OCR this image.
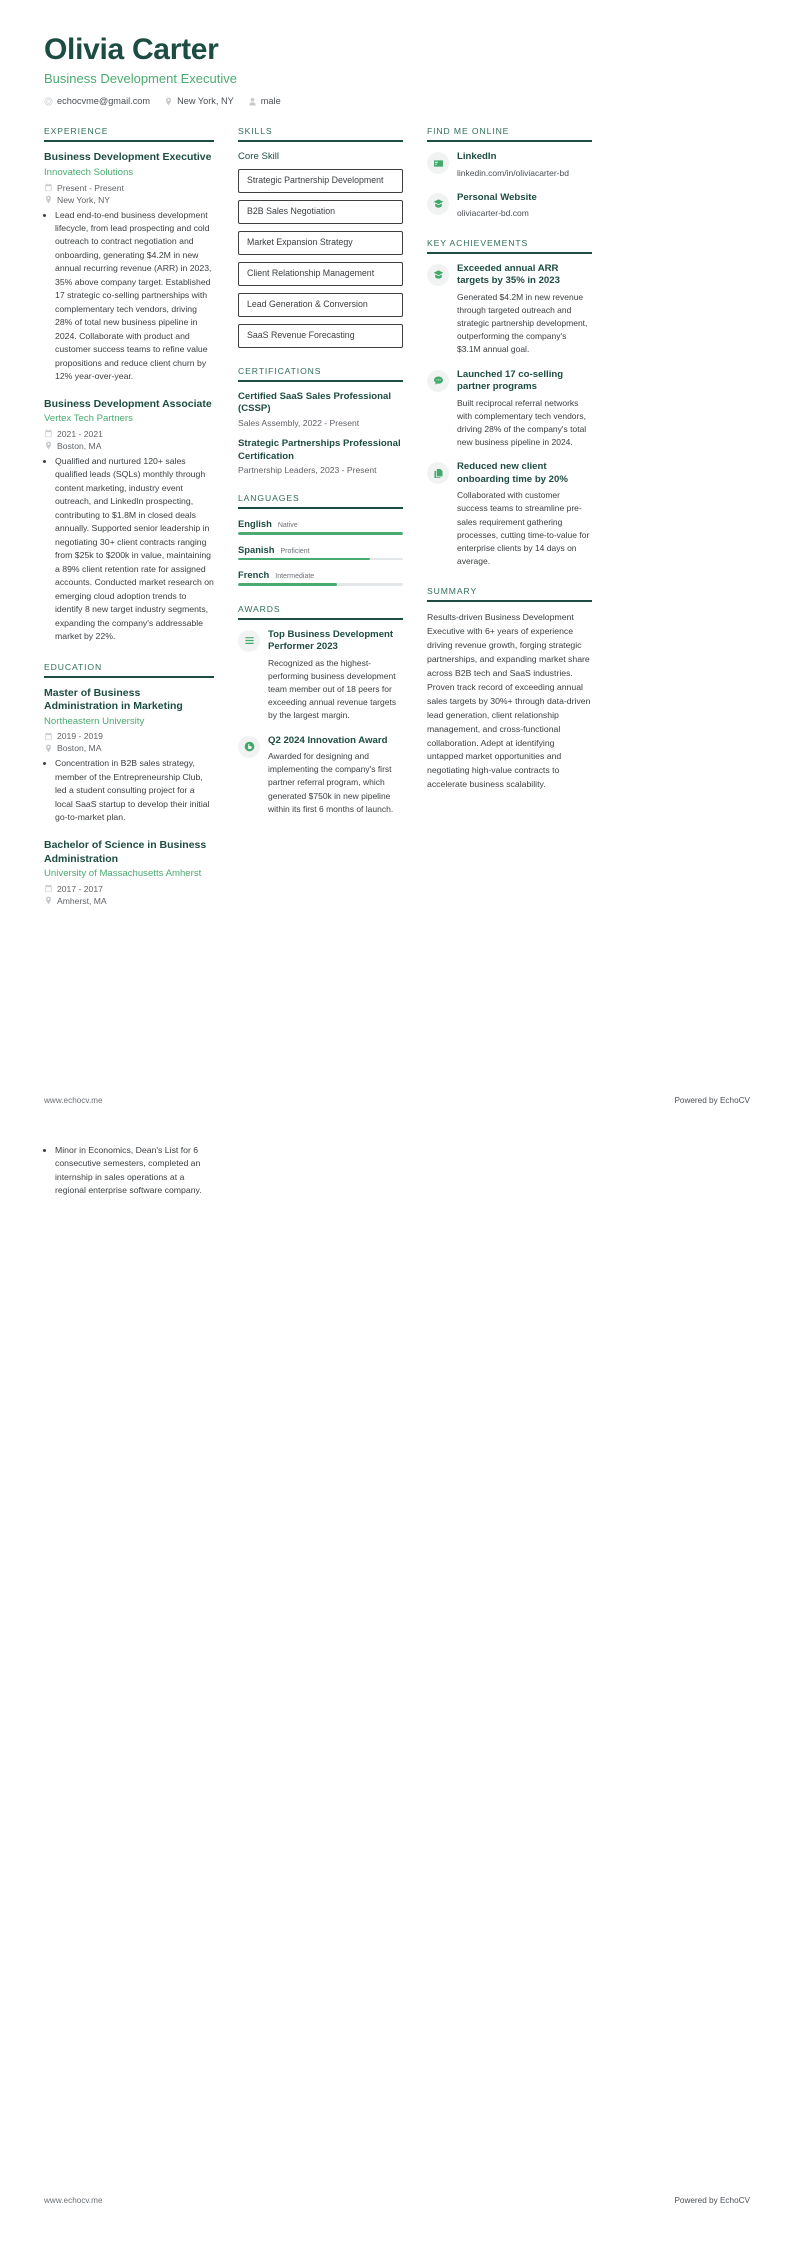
Olivia Carter
Business Development Executive
echocvme@gmail.com	New York, NY	male
EXPERIENCE
Business Development Executive
Innovatech Solutions
Present - Present
New York, NY
• Lead end-to-end business development lifecycle, from lead prospecting and cold outreach to contract negotiation and onboarding, generating $4.2M in new annual recurring revenue (ARR) in 2023, 35% above company target. Established 17 strategic co-selling partnerships with complementary tech vendors, driving 28% of total new business pipeline in 2024. Collaborate with product and customer success teams to refine value propositions and reduce client churn by 12% year-over-year.
Business Development Associate
Vertex Tech Partners
2021 - 2021
Boston, MA
• Qualified and nurtured 120+ sales qualified leads (SQLs) monthly through content marketing, industry event outreach, and LinkedIn prospecting, contributing to $1.8M in closed deals annually. Supported senior leadership in negotiating 30+ client contracts ranging from $25k to $200k in value, maintaining a 89% client retention rate for assigned accounts. Conducted market research on emerging cloud adoption trends to identify 8 new target industry segments, expanding the company's addressable market by 22%.
EDUCATION
Master of Business Administration in Marketing
Northeastern University
2019 - 2019
Boston, MA
• Concentration in B2B sales strategy, member of the Entrepreneurship Club, led a student consulting project for a local SaaS startup to develop their initial go-to-market plan.
Bachelor of Science in Business Administration
University of Massachusetts Amherst
2017 - 2017
Amherst, MA
SKILLS
Core Skill
Strategic Partnership Development
B2B Sales Negotiation
Market Expansion Strategy
Client Relationship Management
Lead Generation & Conversion
SaaS Revenue Forecasting
CERTIFICATIONS
Certified SaaS Sales Professional (CSSP)
Sales Assembly, 2022 - Present
Strategic Partnerships Professional Certification
Partnership Leaders, 2023 - Present
LANGUAGES
English Native
Spanish Proficient
French Intermediate
AWARDS
Top Business Development Performer 2023
Recognized as the highest-performing business development team member out of 18 peers for exceeding annual revenue targets by the largest margin.
Q2 2024 Innovation Award
Awarded for designing and implementing the company's first partner referral program, which generated $750k in new pipeline within its first 6 months of launch.
FIND ME ONLINE
LinkedIn
linkedin.com/in/oliviacarter-bd
Personal Website
oliviacarter-bd.com
KEY ACHIEVEMENTS
Exceeded annual ARR targets by 35% in 2023
Generated $4.2M in new revenue through targeted outreach and strategic partnership development, outperforming the company's $3.1M annual goal.
Launched 17 co-selling partner programs
Built reciprocal referral networks with complementary tech vendors, driving 28% of the company's total new business pipeline in 2024.
Reduced new client onboarding time by 20%
Collaborated with customer success teams to streamline pre-sales requirement gathering processes, cutting time-to-value for enterprise clients by 14 days on average.
SUMMARY
Results-driven Business Development Executive with 6+ years of experience driving revenue growth, forging strategic partnerships, and expanding market share across B2B tech and SaaS industries. Proven track record of exceeding annual sales targets by 30%+ through data-driven lead generation, client relationship management, and cross-functional collaboration. Adept at identifying untapped market opportunities and negotiating high-value contracts to accelerate business scalability.
www.echocv.me	Powered by EchoCV
• Minor in Economics, Dean's List for 6 consecutive semesters, completed an internship in sales operations at a regional enterprise software company.
www.echocv.me	Powered by EchoCV
